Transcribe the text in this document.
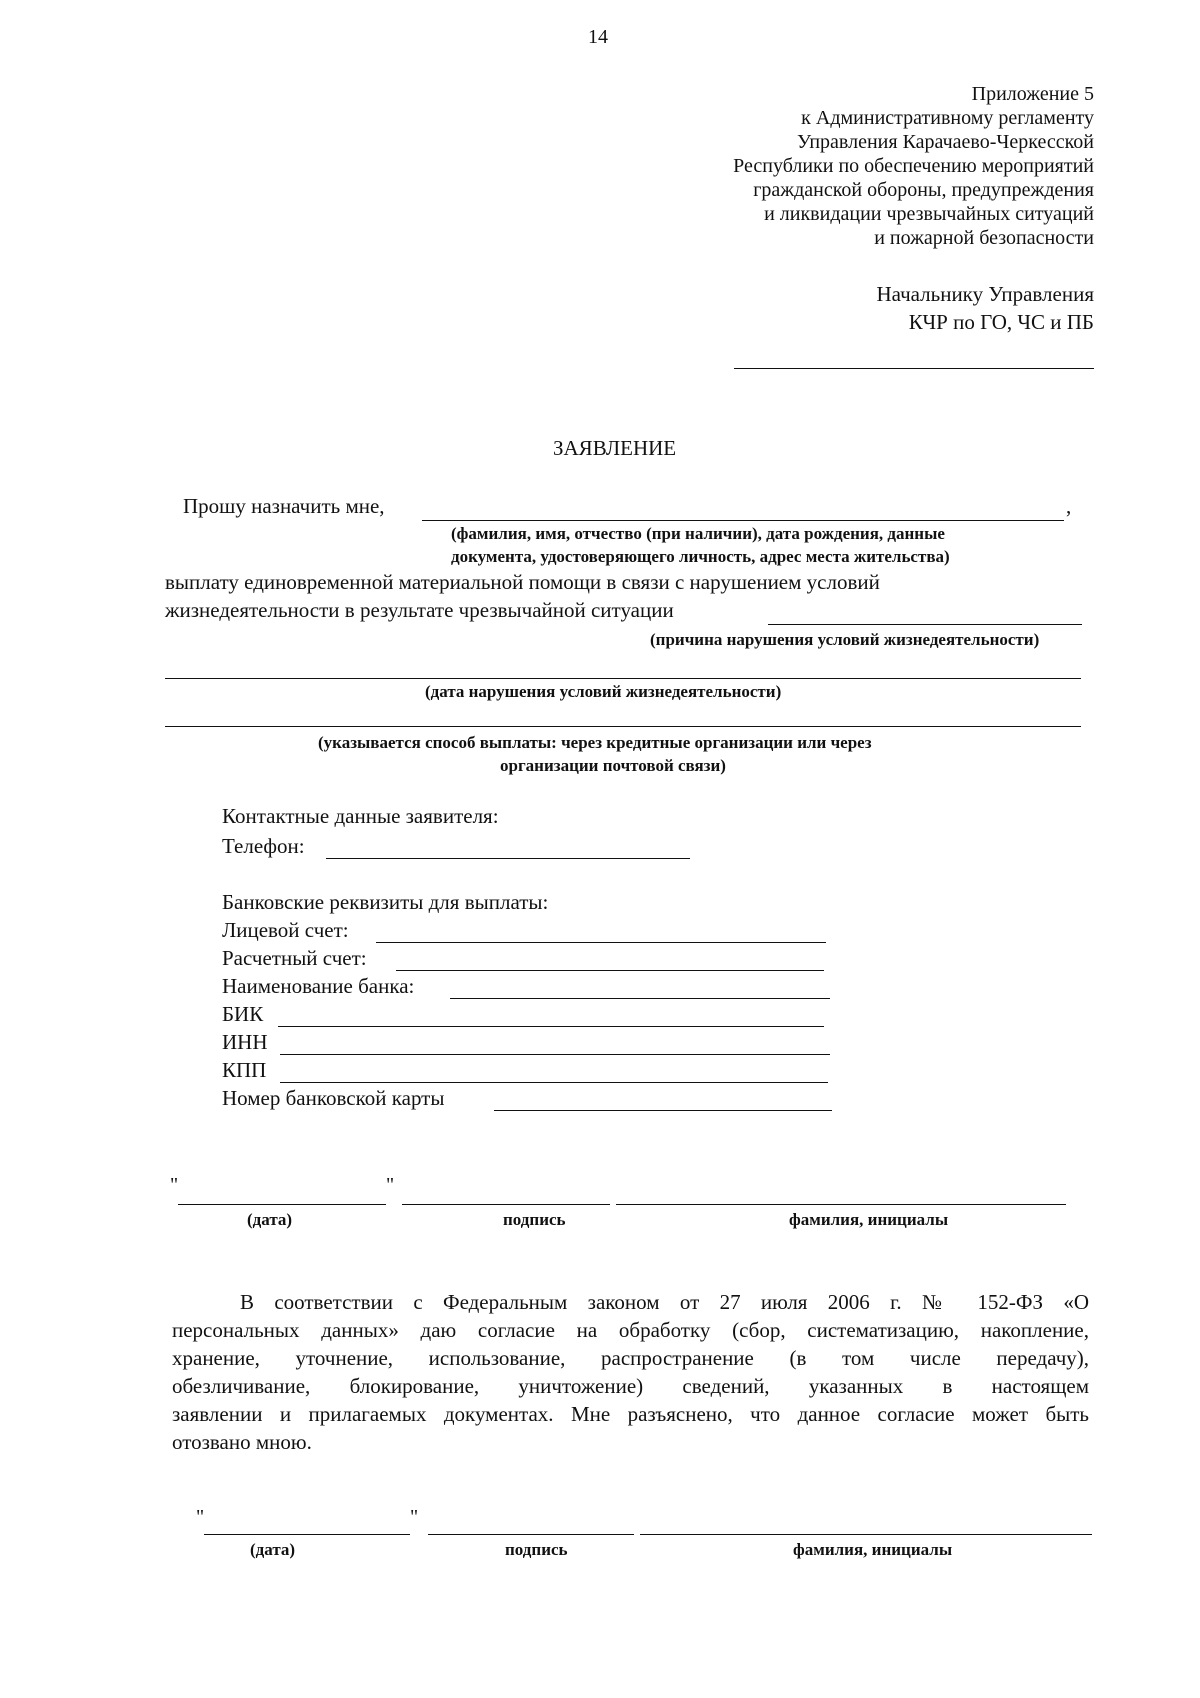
14
Приложение 5
к Административному регламенту
Управления Карачаево-Черкесской
Республики по обеспечению мероприятий
гражданской обороны, предупреждения
и ликвидации чрезвычайных ситуаций
и пожарной безопасности
Начальнику Управления
КЧР по ГО, ЧС и ПБ
ЗАЯВЛЕНИЕ
Прошу назначить мне,	,
(фамилия, имя, отчество (при наличии), дата рождения, данные
документа, удостоверяющего личность, адрес места жительства)
выплату единовременной материальной помощи в связи с нарушением условий
жизнедеятельности в результате чрезвычайной ситуации
(причина нарушения условий жизнедеятельности)
(дата нарушения условий жизнедеятельности)
(указывается способ выплаты: через кредитные организации или через
организации почтовой связи)
Контактные данные заявителя:
Телефон:
Банковские реквизиты для выплаты:
Лицевой счет:
Расчетный счет:
Наименование банка:
БИК
ИНН
КПП
Номер банковской карты
"	"
(дата)	подпись	фамилия, инициалы
В соответствии с Федеральным законом от 27 июля 2006 г. № 152-ФЗ «О
персональных данных» даю согласие на обработку (сбор, систематизацию, накопление,
хранение, уточнение, использование, распространение (в том числе передачу),
обезличивание, блокирование, уничтожение) сведений, указанных в настоящем
заявлении и прилагаемых документах. Мне разъяснено, что данное согласие может быть
отозвано мною.
"	"
(дата)	подпись	фамилия, инициалы
